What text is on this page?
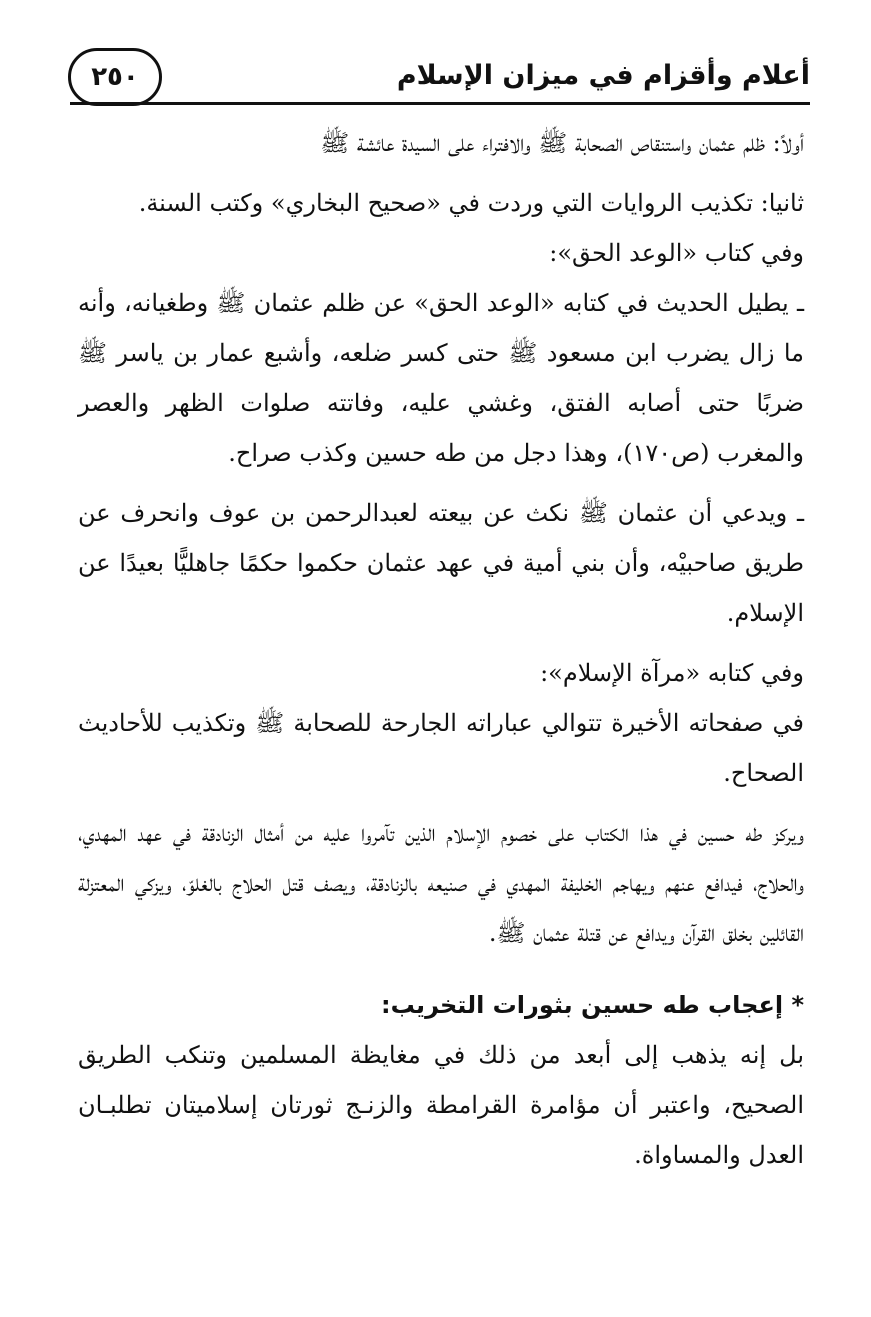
٢٥٠	أعلام وأقزام في ميزان الإسلام

أولاً: ظلم عثمان واستنقاص الصحابة ﷺ والافتراء على السيدة عائشة ﷺ

ثانيا: تكذيب الروايات التي وردت في «صحيح البخاري» وكتب السنة.

وفي كتاب «الوعد الحق»:

ـ يطيل الحديث في كتابه «الوعد الحق» عن ظلم عثمان ﷺ وطغيانه، وأنه ما زال يضرب ابن مسعود ﷺ حتى كسر ضلعه، وأشبع عمار بن ياسر ﷺ ضربًا حتى أصابه الفتق، وغشي عليه، وفاتته صلوات الظهر والعصر والمغرب (ص١٧٠)، وهذا دجل من طه حسين وكذب صراح.

ـ ويدعي أن عثمان ﷺ نكث عن بيعته لعبدالرحمن بن عوف وانحرف عن طريق صاحبيْه، وأن بني أمية في عهد عثمان حكموا حكمًا جاهليًّا بعيدًا عن الإسلام.

وفي كتابه «مرآة الإسلام»:

في صفحاته الأخيرة تتوالي عباراته الجارحة للصحابة ﷺ وتكذيب للأحاديث الصحاح.

ويركز طه حسين في هذا الكتاب على خصوم الإسلام الذين تآمروا عليه من أمثال الزنادقة في عهد المهدي، والحلاج، فيدافع عنهم ويهاجم الخليفة المهدي في صنيعه بالزنادقة، ويصف قتل الحلاج بالغلوّ، ويزكي المعتزلة القائلين بخلق القرآن ويدافع عن قتلة عثمان ﷺ.

* إعجاب طه حسين بثورات التخريب:

بل إنه يذهب إلى أبعد من ذلك في مغايظة المسلمين وتنكب الطريق الصحيح، واعتبر أن مؤامرة القرامطة والزنـج ثورتان إسلاميتان تطلبـان العدل والمساواة.
